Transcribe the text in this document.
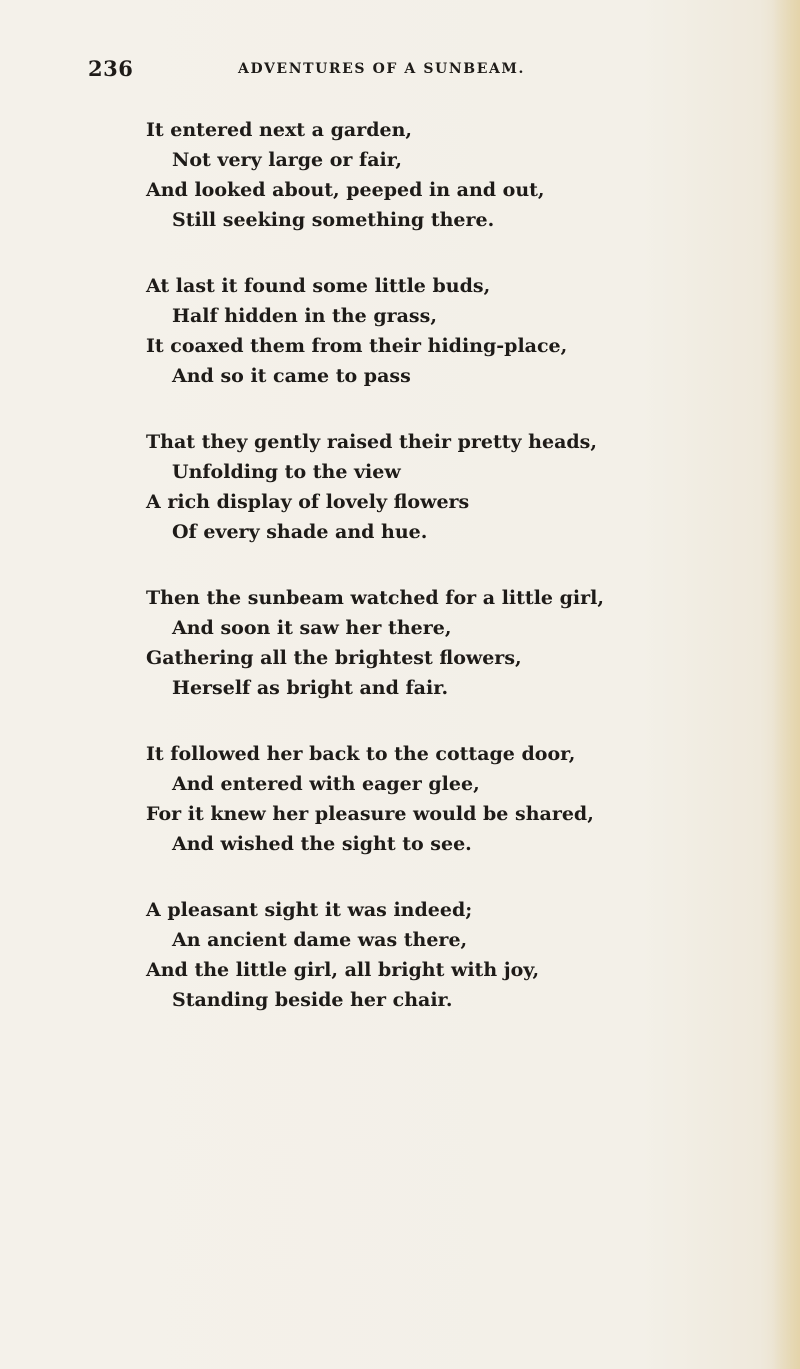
236	ADVENTURES OF A SUNBEAM.
It entered next a garden,
Not very large or fair,
And looked about, peeped in and out,
Still seeking something there.
At last it found some little buds,
Half hidden in the grass,
It coaxed them from their hiding-place,
And so it came to pass
That they gently raised their pretty heads,
Unfolding to the view
A rich display of lovely flowers
Of every shade and hue.
Then the sunbeam watched for a little girl,
And soon it saw her there,
Gathering all the brightest flowers,
Herself as bright and fair.
It followed her back to the cottage door,
And entered with eager glee,
For it knew her pleasure would be shared,
And wished the sight to see.
A pleasant sight it was indeed;
An ancient dame was there,
And the little girl, all bright with joy,
Standing beside her chair.
